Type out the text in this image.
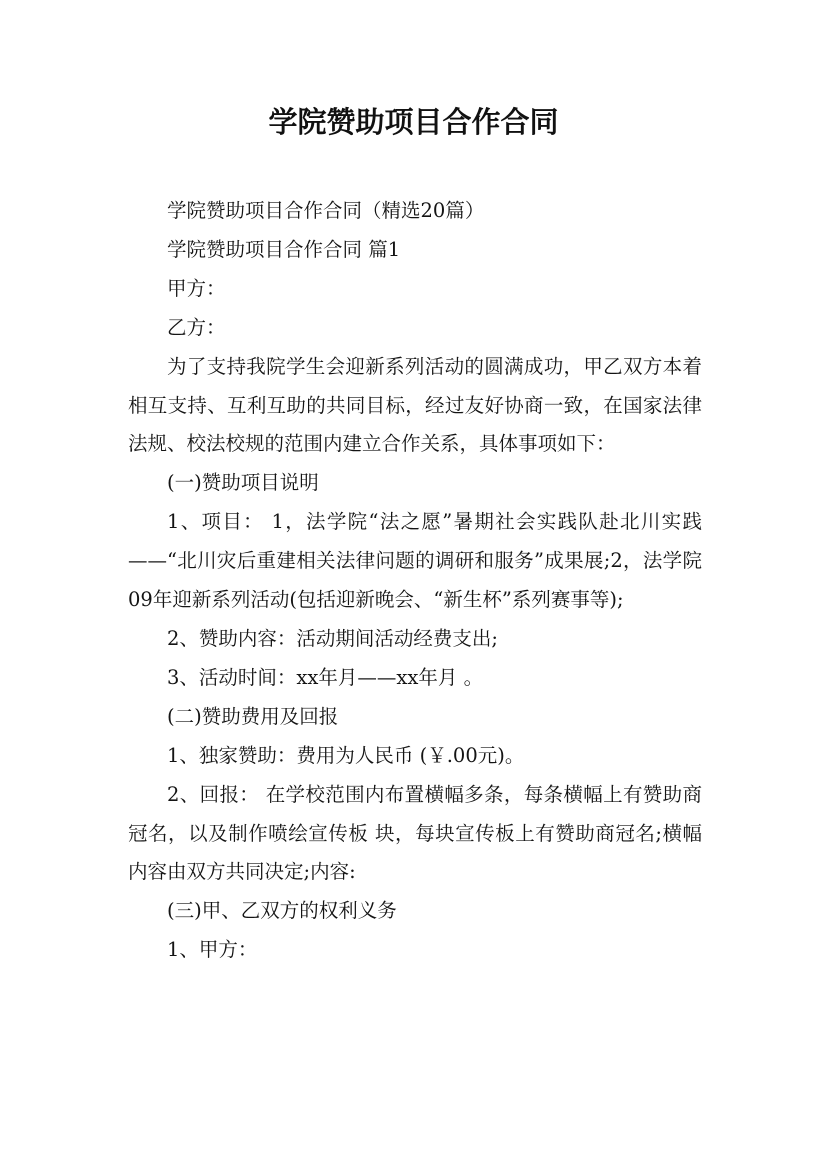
学院赞助项目合作合同

学院赞助项目合作合同（精选20篇）

学院赞助项目合作合同 篇1

甲方：

乙方：

为了支持我院学生会迎新系列活动的圆满成功，甲乙双方本着相互支持、互利互助的共同目标，经过友好协商一致，在国家法律法规、校法校规的范围内建立合作关系，具体事项如下：

(一)赞助项目说明

1、项目： 1，法学院“法之愿”暑期社会实践队赴北川实践——“北川灾后重建相关法律问题的调研和服务”成果展;2，法学院09年迎新系列活动(包括迎新晚会、“新生杯”系列赛事等);

2、赞助内容：活动期间活动经费支出;

3、活动时间：xx年月——xx年月 。

(二)赞助费用及回报

1、独家赞助：费用为人民币 (￥.00元)。

2、回报： 在学校范围内布置横幅多条，每条横幅上有赞助商冠名，以及制作喷绘宣传板 块，每块宣传板上有赞助商冠名;横幅内容由双方共同决定;内容:

(三)甲、乙双方的权利义务

1、甲方：
